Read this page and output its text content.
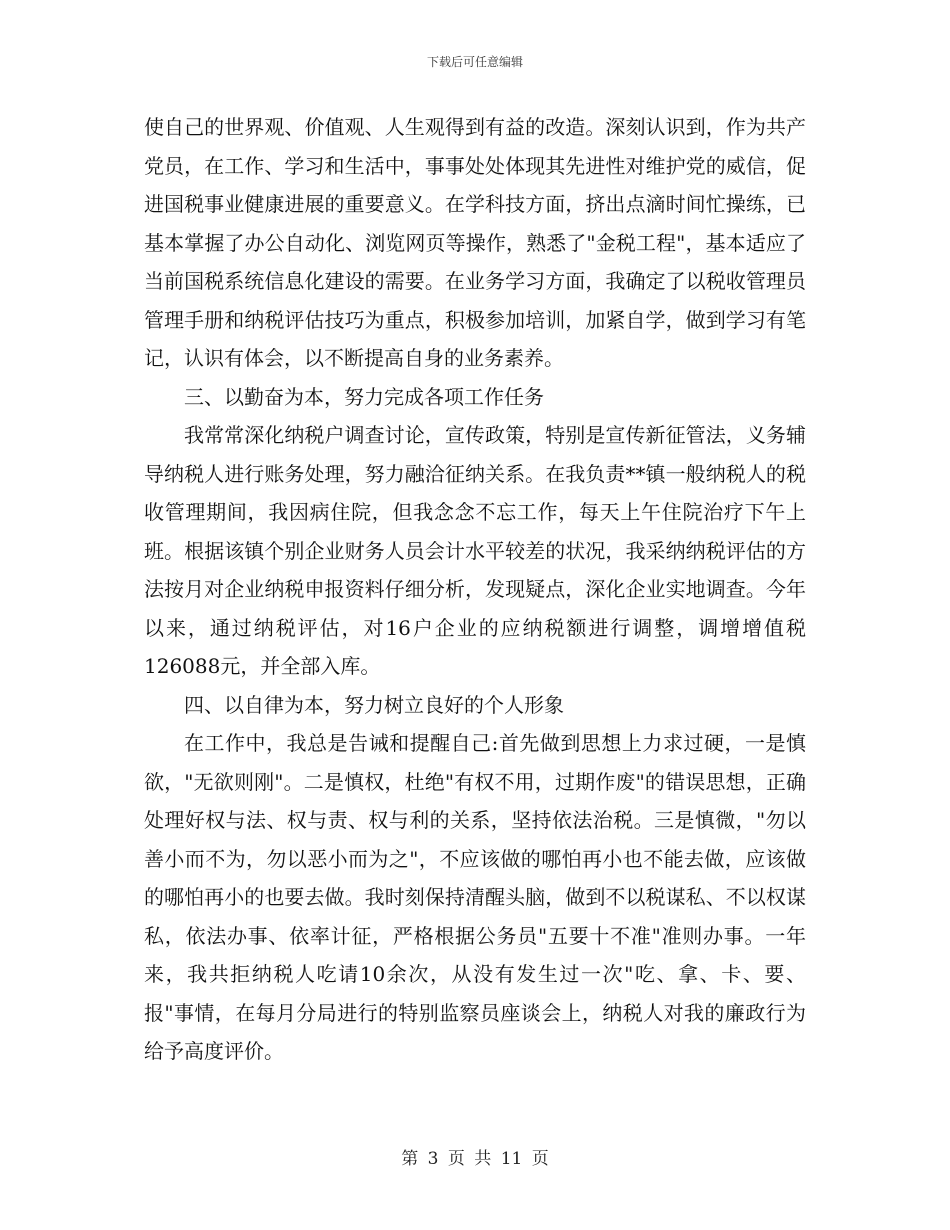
下载后可任意编辑

使自己的世界观、价值观、人生观得到有益的改造。深刻认识到，作为共产党员，在工作、学习和生活中，事事处处体现其先进性对维护党的威信，促进国税事业健康进展的重要意义。在学科技方面，挤出点滴时间忙操练，已基本掌握了办公自动化、浏览网页等操作，熟悉了"金税工程"，基本适应了当前国税系统信息化建设的需要。在业务学习方面，我确定了以税收管理员管理手册和纳税评估技巧为重点，积极参加培训，加紧自学，做到学习有笔记，认识有体会，以不断提高自身的业务素养。

三、以勤奋为本，努力完成各项工作任务

我常常深化纳税户调查讨论，宣传政策，特别是宣传新征管法，义务辅导纳税人进行账务处理，努力融洽征纳关系。在我负责**镇一般纳税人的税收管理期间，我因病住院，但我念念不忘工作，每天上午住院治疗下午上班。根据该镇个别企业财务人员会计水平较差的状况，我采纳纳税评估的方法按月对企业纳税申报资料仔细分析，发现疑点，深化企业实地调查。今年以来，通过纳税评估，对16户企业的应纳税额进行调整，调增增值税126088元，并全部入库。

四、以自律为本，努力树立良好的个人形象

在工作中，我总是告诫和提醒自己:首先做到思想上力求过硬，一是慎欲，"无欲则刚"。二是慎权，杜绝"有权不用，过期作废"的错误思想，正确处理好权与法、权与责、权与利的关系，坚持依法治税。三是慎微，"勿以善小而不为，勿以恶小而为之"，不应该做的哪怕再小也不能去做，应该做的哪怕再小的也要去做。我时刻保持清醒头脑，做到不以税谋私、不以权谋私，依法办事、依率计征，严格根据公务员"五要十不准"准则办事。一年来，我共拒纳税人吃请10余次，从没有发生过一次"吃、拿、卡、要、报"事情，在每月分局进行的特别监察员座谈会上，纳税人对我的廉政行为给予高度评价。

第 3 页 共 11 页
